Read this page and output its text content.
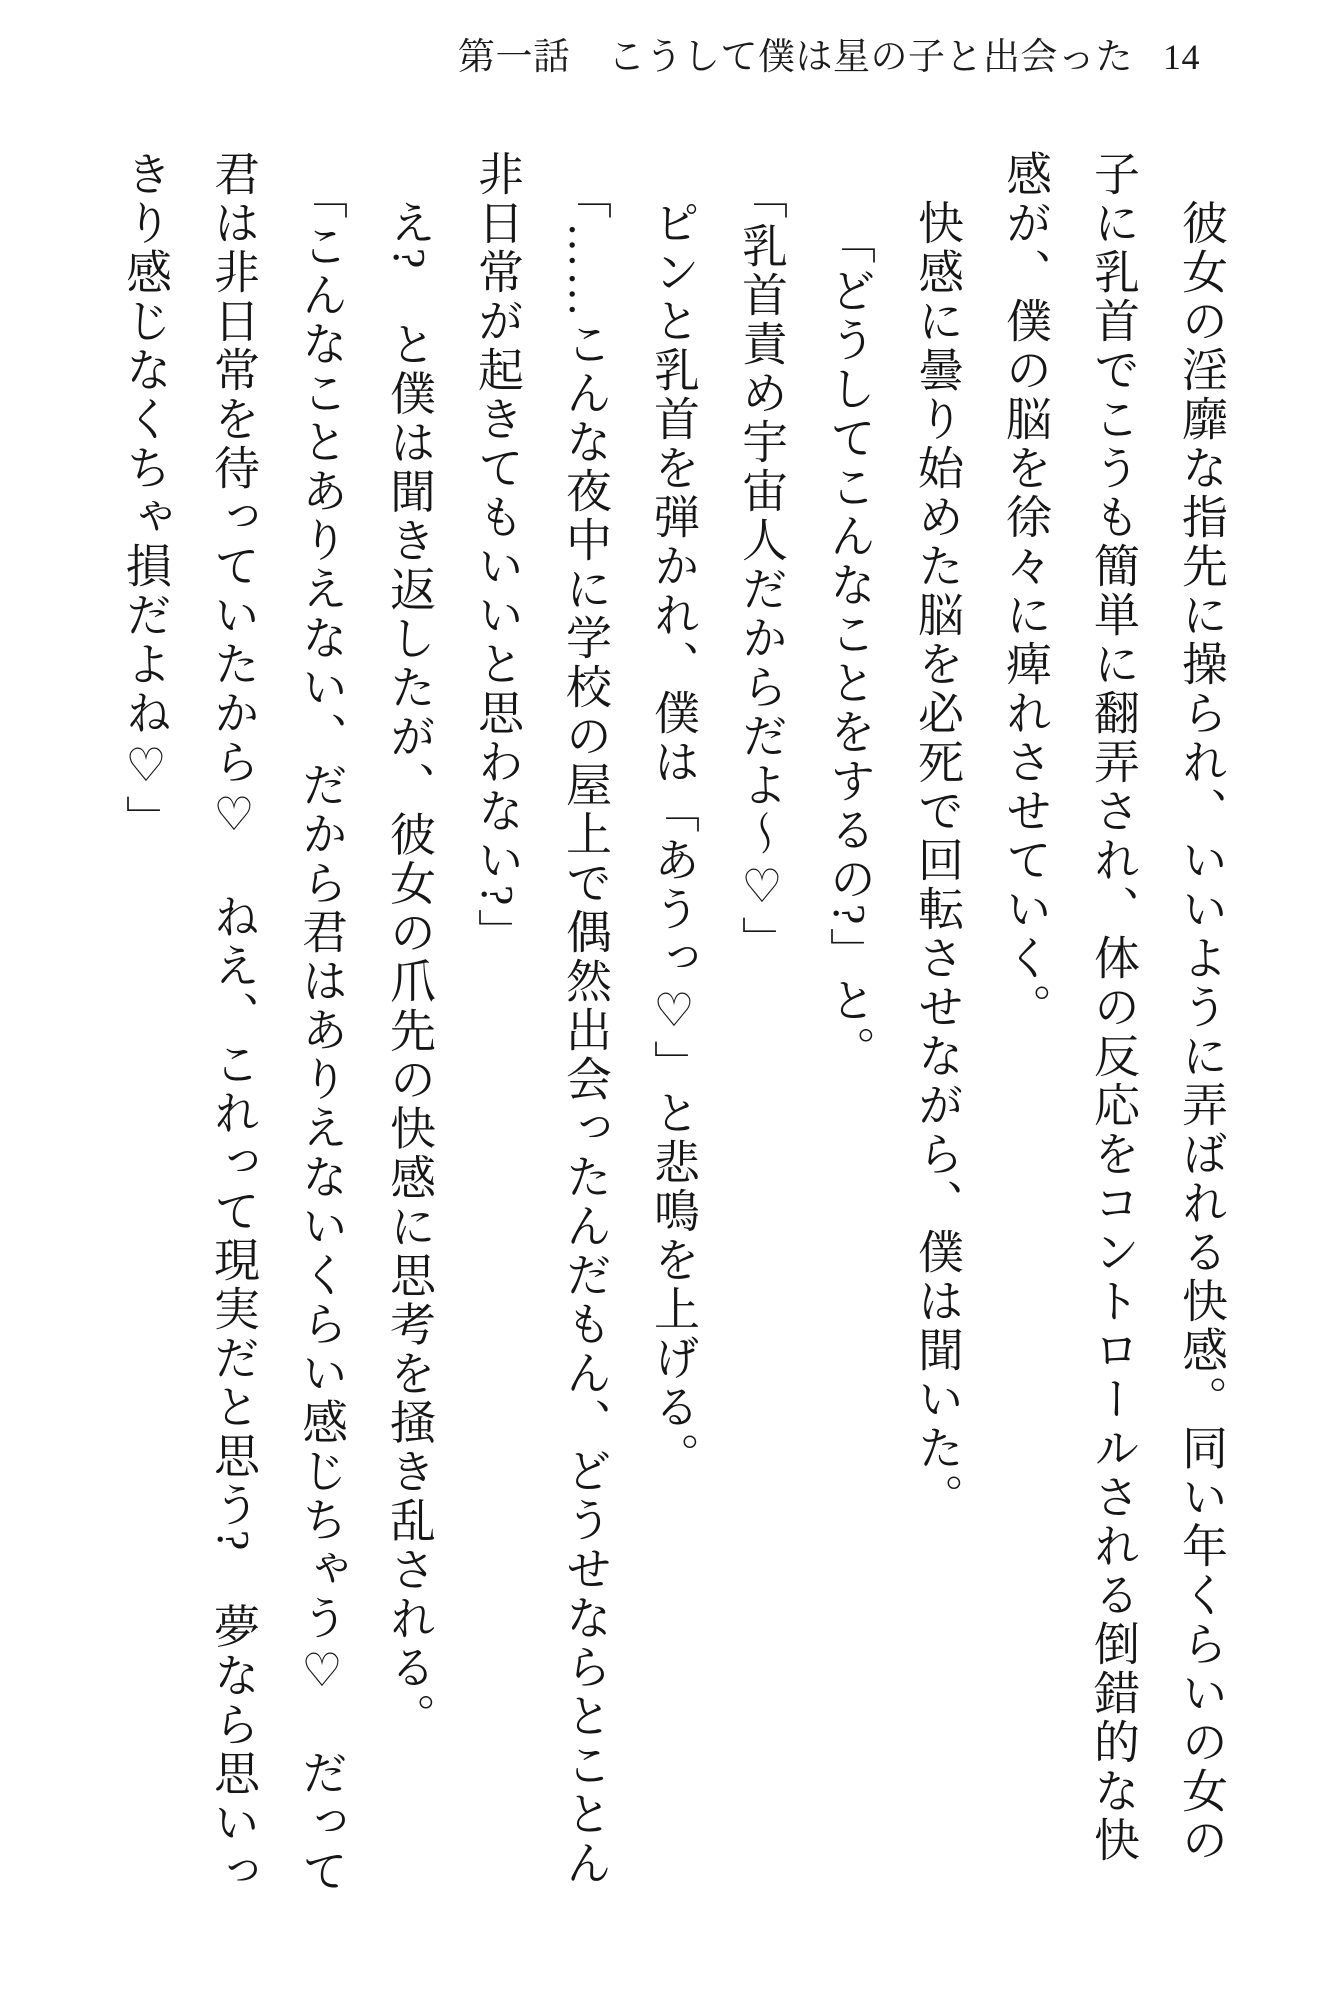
第一話　こうして僕は星の子と出会った 14
彼女の淫靡な指先に操られ、いいように弄ばれる快感。同い年くらいの女の
子に乳首でこうも簡単に翻弄され、体の反応をコントロールされる倒錯的な快
感が、僕の脳を徐々に痺れさせていく。
快感に曇り始めた脳を必死で回転させながら、僕は聞いた。
「どうしてこんなことをするの?」と。
「乳首責め宇宙人だからだよ〜♡」
ピンと乳首を弾かれ、僕は「あうっ♡」と悲鳴を上げる。
「……こんな夜中に学校の屋上で偶然出会ったんだもん、どうせならとことん
非日常が起きてもいいと思わない?」
え?　と僕は聞き返したが、彼女の爪先の快感に思考を掻き乱される。
「こんなことありえない、だから君はありえないくらい感じちゃう♡　だって
君は非日常を待っていたから♡　ねえ、これって現実だと思う?　夢なら思いっ
きり感じなくちゃ損だよね♡」
